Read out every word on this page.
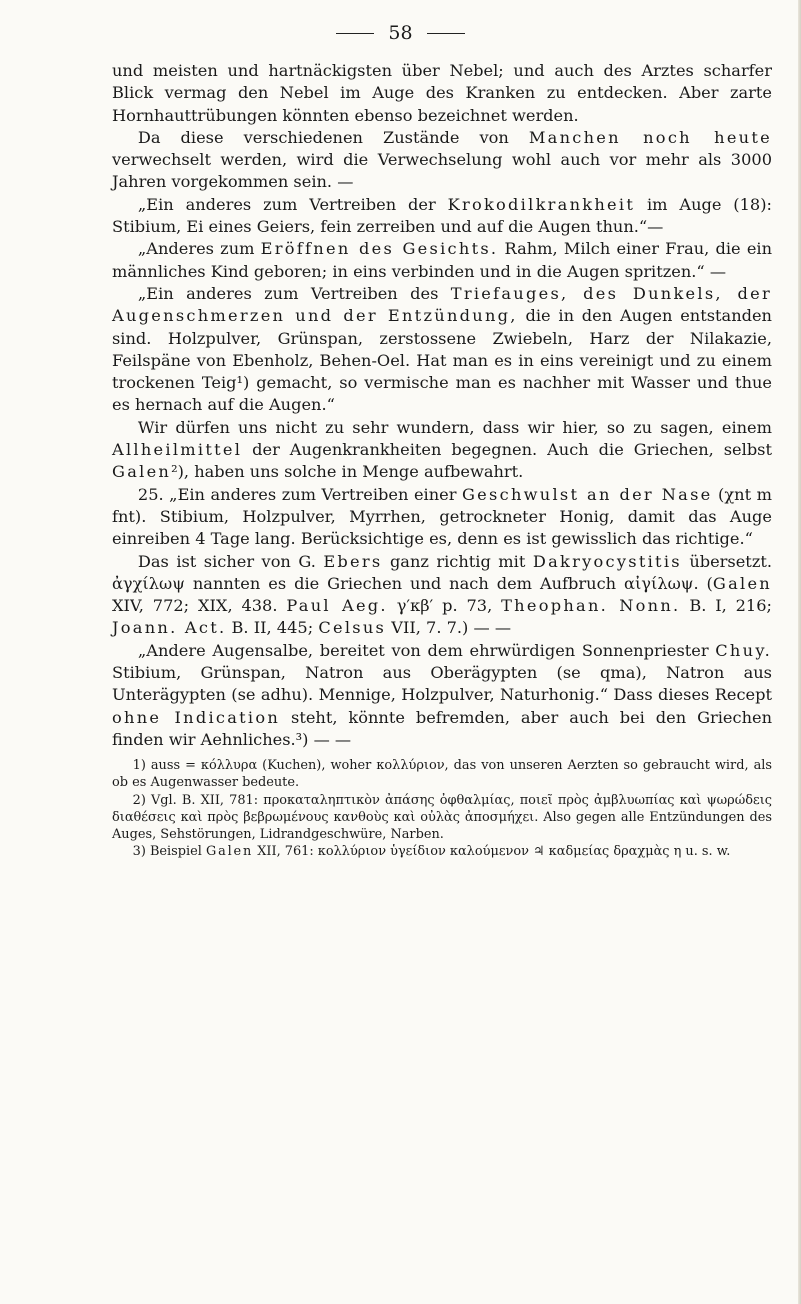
58

und meisten und hartnäckigsten über Nebel; und auch des Arztes scharfer Blick vermag den Nebel im Auge des Kranken zu entdecken. Aber zarte Hornhauttrübungen könnten ebenso bezeichnet werden.

Da diese verschiedenen Zustände von Manchen noch heute verwechselt werden, wird die Verwechselung wohl auch vor mehr als 3000 Jahren vorgekommen sein. —

„Ein anderes zum Vertreiben der Krokodilkrankheit im Auge (18): Stibium, Ei eines Geiers, fein zerreiben und auf die Augen thun.“—

„Anderes zum Eröffnen des Gesichts. Rahm, Milch einer Frau, die ein männliches Kind geboren; in eins verbinden und in die Augen spritzen.“ —

„Ein anderes zum Vertreiben des Triefauges, des Dunkels, der Augenschmerzen und der Entzündung, die in den Augen entstanden sind. Holzpulver, Grünspan, zerstossene Zwiebeln, Harz der Nilakazie, Feilspäne von Ebenholz, Behen-Oel. Hat man es in eins vereinigt und zu einem trockenen Teig¹) gemacht, so vermische man es nachher mit Wasser und thue es hernach auf die Augen.“

Wir dürfen uns nicht zu sehr wundern, dass wir hier, so zu sagen, einem Allheilmittel der Augenkrankheiten begegnen. Auch die Griechen, selbst Galen²), haben uns solche in Menge aufbewahrt.

25. „Ein anderes zum Vertreiben einer Geschwulst an der Nase (χnt m fnt). Stibium, Holzpulver, Myrrhen, getrockneter Honig, damit das Auge einreiben 4 Tage lang. Berücksichtige es, denn es ist gewisslich das richtige.“

Das ist sicher von G. Ebers ganz richtig mit Dakryocystitis übersetzt. ἀγχίλωψ nannten es die Griechen und nach dem Aufbruch αἰγίλωψ. (Galen XIV, 772; XIX, 438. Paul Aeg. γ′κβ′ p. 73, Theophan. Nonn. B. I, 216; Joann. Act. B. II, 445; Celsus VII, 7. 7.) — —

„Andere Augensalbe, bereitet von dem ehrwürdigen Sonnenpriester Chuy. Stibium, Grünspan, Natron aus Oberägypten (se qma), Natron aus Unterägypten (se adhu). Mennige, Holzpulver, Naturhonig.“ Dass dieses Recept ohne Indication steht, könnte befremden, aber auch bei den Griechen finden wir Aehnliches.³) — —

1) auss = κόλλυρα (Kuchen), woher κολλύριον, das von unseren Aerzten so gebraucht wird, als ob es Augenwasser bedeute.

2) Vgl. B. XII, 781: προκαταληπτικὸν ἀπάσης ὀφθαλμίας, ποιεῖ πρὸς ἀμβλυωπίας καὶ ψωρώδεις διαθέσεις καὶ πρὸς βεβρωμένους κανθοὺς καὶ οὐλὰς ἀποσμήχει. Also gegen alle Entzündungen des Auges, Sehstörungen, Lidrandgeschwüre, Narben.

3) Beispiel Galen XII, 761: κολλύριον ὑγείδιον καλούμενον ♃ καδμείας δραχμὰς η u. s. w.
